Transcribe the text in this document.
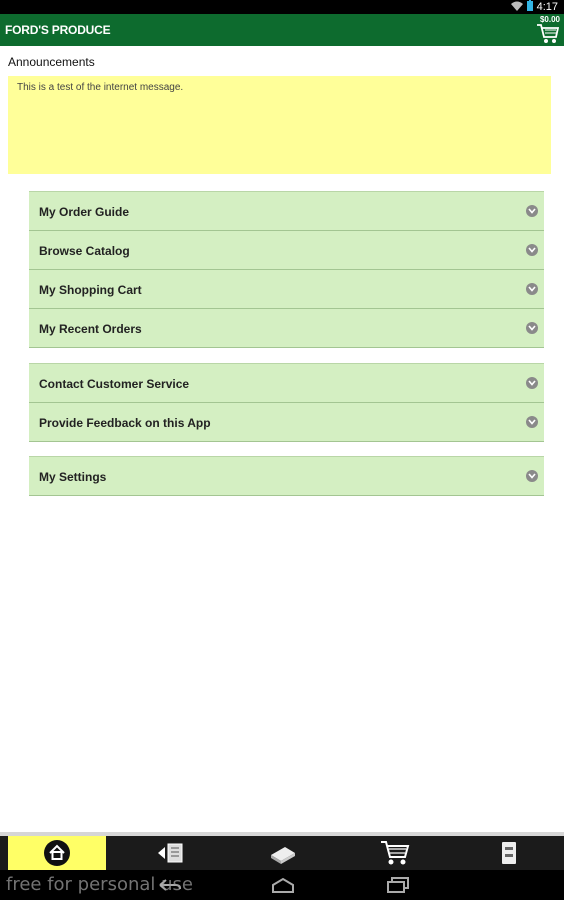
4:17
FORD'S PRODUCE
$0.00
Announcements
This is a test of the internet message.
My Order Guide
Browse Catalog
My Shopping Cart
My Recent Orders
Contact Customer Service
Provide Feedback on this App
My Settings
free for personal use
